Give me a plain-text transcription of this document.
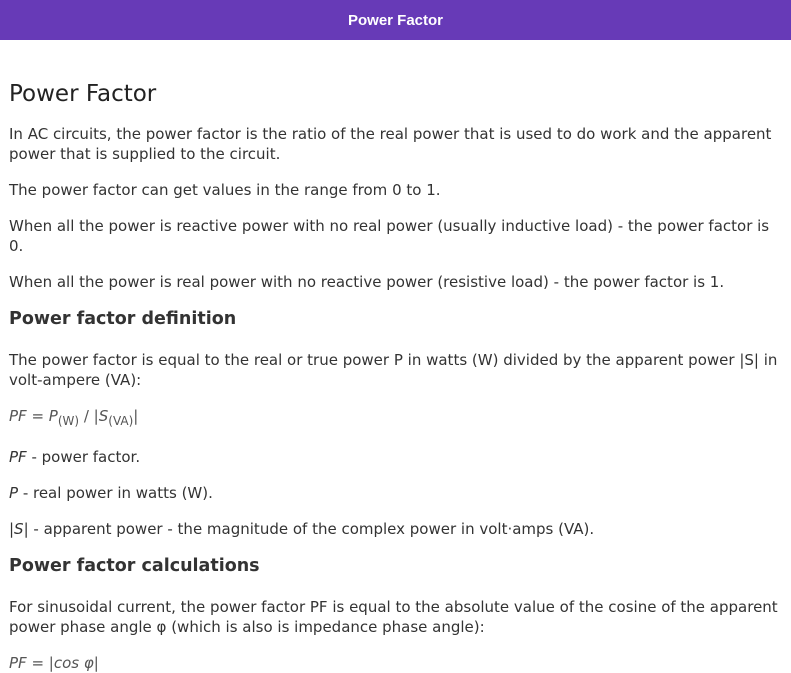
Power Factor
Power Factor

In AC circuits, the power factor is the ratio of the real power that is used to do work and the apparent power that is supplied to the circuit.

The power factor can get values in the range from 0 to 1.

When all the power is reactive power with no real power (usually inductive load) - the power factor is 0.

When all the power is real power with no reactive power (resistive load) - the power factor is 1.

Power factor definition

The power factor is equal to the real or true power P in watts (W) divided by the apparent power |S| in volt-ampere (VA):

PF = $P_{(W)} / |S_{(VA)}|$

PF - power factor.

P - real power in watts (W).

|S| - apparent power - the magnitude of the complex power in volt·amps (VA).

Power factor calculations

For sinusoidal current, the power factor PF is equal to the absolute value of the cosine of the apparent power phase angle φ (which is also is impedance phase angle):

PF = |cos φ|
